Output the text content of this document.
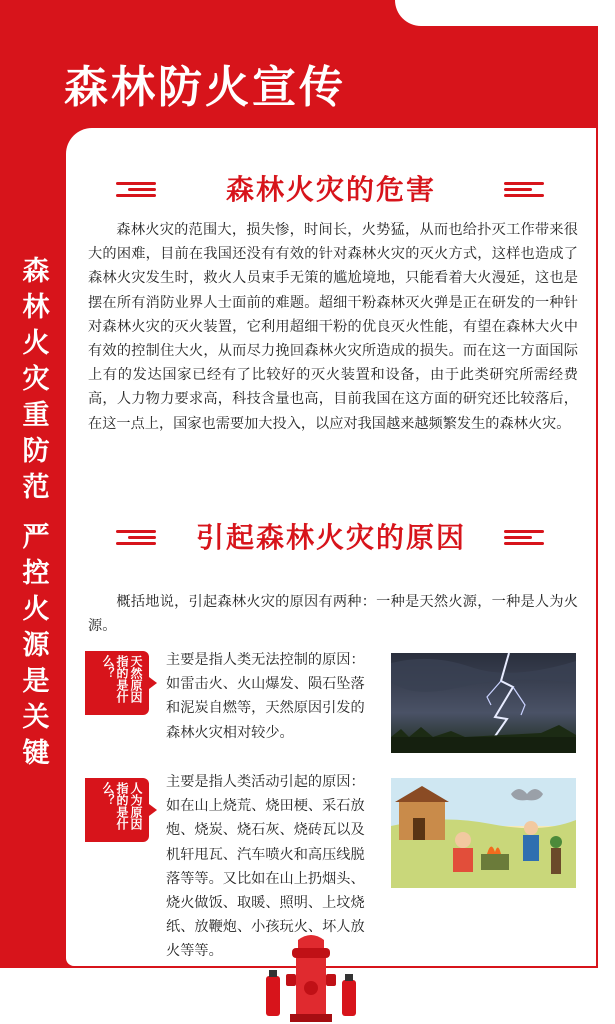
森林防火宣传
森林火灾重防范
严控火源是关键
森林火灾的危害

森林火灾的范围大，损失惨，时间长，火势猛，从而也给扑灭工作带来很大的困难，目前在我国还没有有效的针对森林火灾的灭火方式，这样也造成了森林火灾发生时，救火人员束手无策的尴尬境地，只能看着大火漫延，这也是摆在所有消防业界人士面前的难题。超细干粉森林灭火弹是正在研发的一种针对森林火灾的灭火装置，它利用超细干粉的优良灭火性能，有望在森林大火中有效的控制住大火，从而尽力挽回森林火灾所造成的损失。而在这一方面国际上有的发达国家已经有了比较好的灭火装置和设备，由于此类研究所需经费高，人力物力要求高，科技含量也高，目前我国在这方面的研究还比较落后，在这一点上，国家也需要加大投入，以应对我国越来越频繁发生的森林火灾。

引起森林火灾的原因

概括地说，引起森林火灾的原因有两种：一种是天然火源，一种是人为火源。

天然原因指的是什么？	主要是指人类无法控制的原因：如雷击火、火山爆发、陨石坠落和泥炭自燃等，天然原因引发的森林火灾相对较少。

人为原因指的是什么？	主要是指人类活动引起的原因：如在山上烧荒、烧田梗、采石放炮、烧炭、烧石灰、烧砖瓦以及机轩甩瓦、汽车喷火和高压线脱落等等。又比如在山上扔烟头、烧火做饭、取暖、照明、上坟烧纸、放鞭炮、小孩玩火、坏人放火等等。
